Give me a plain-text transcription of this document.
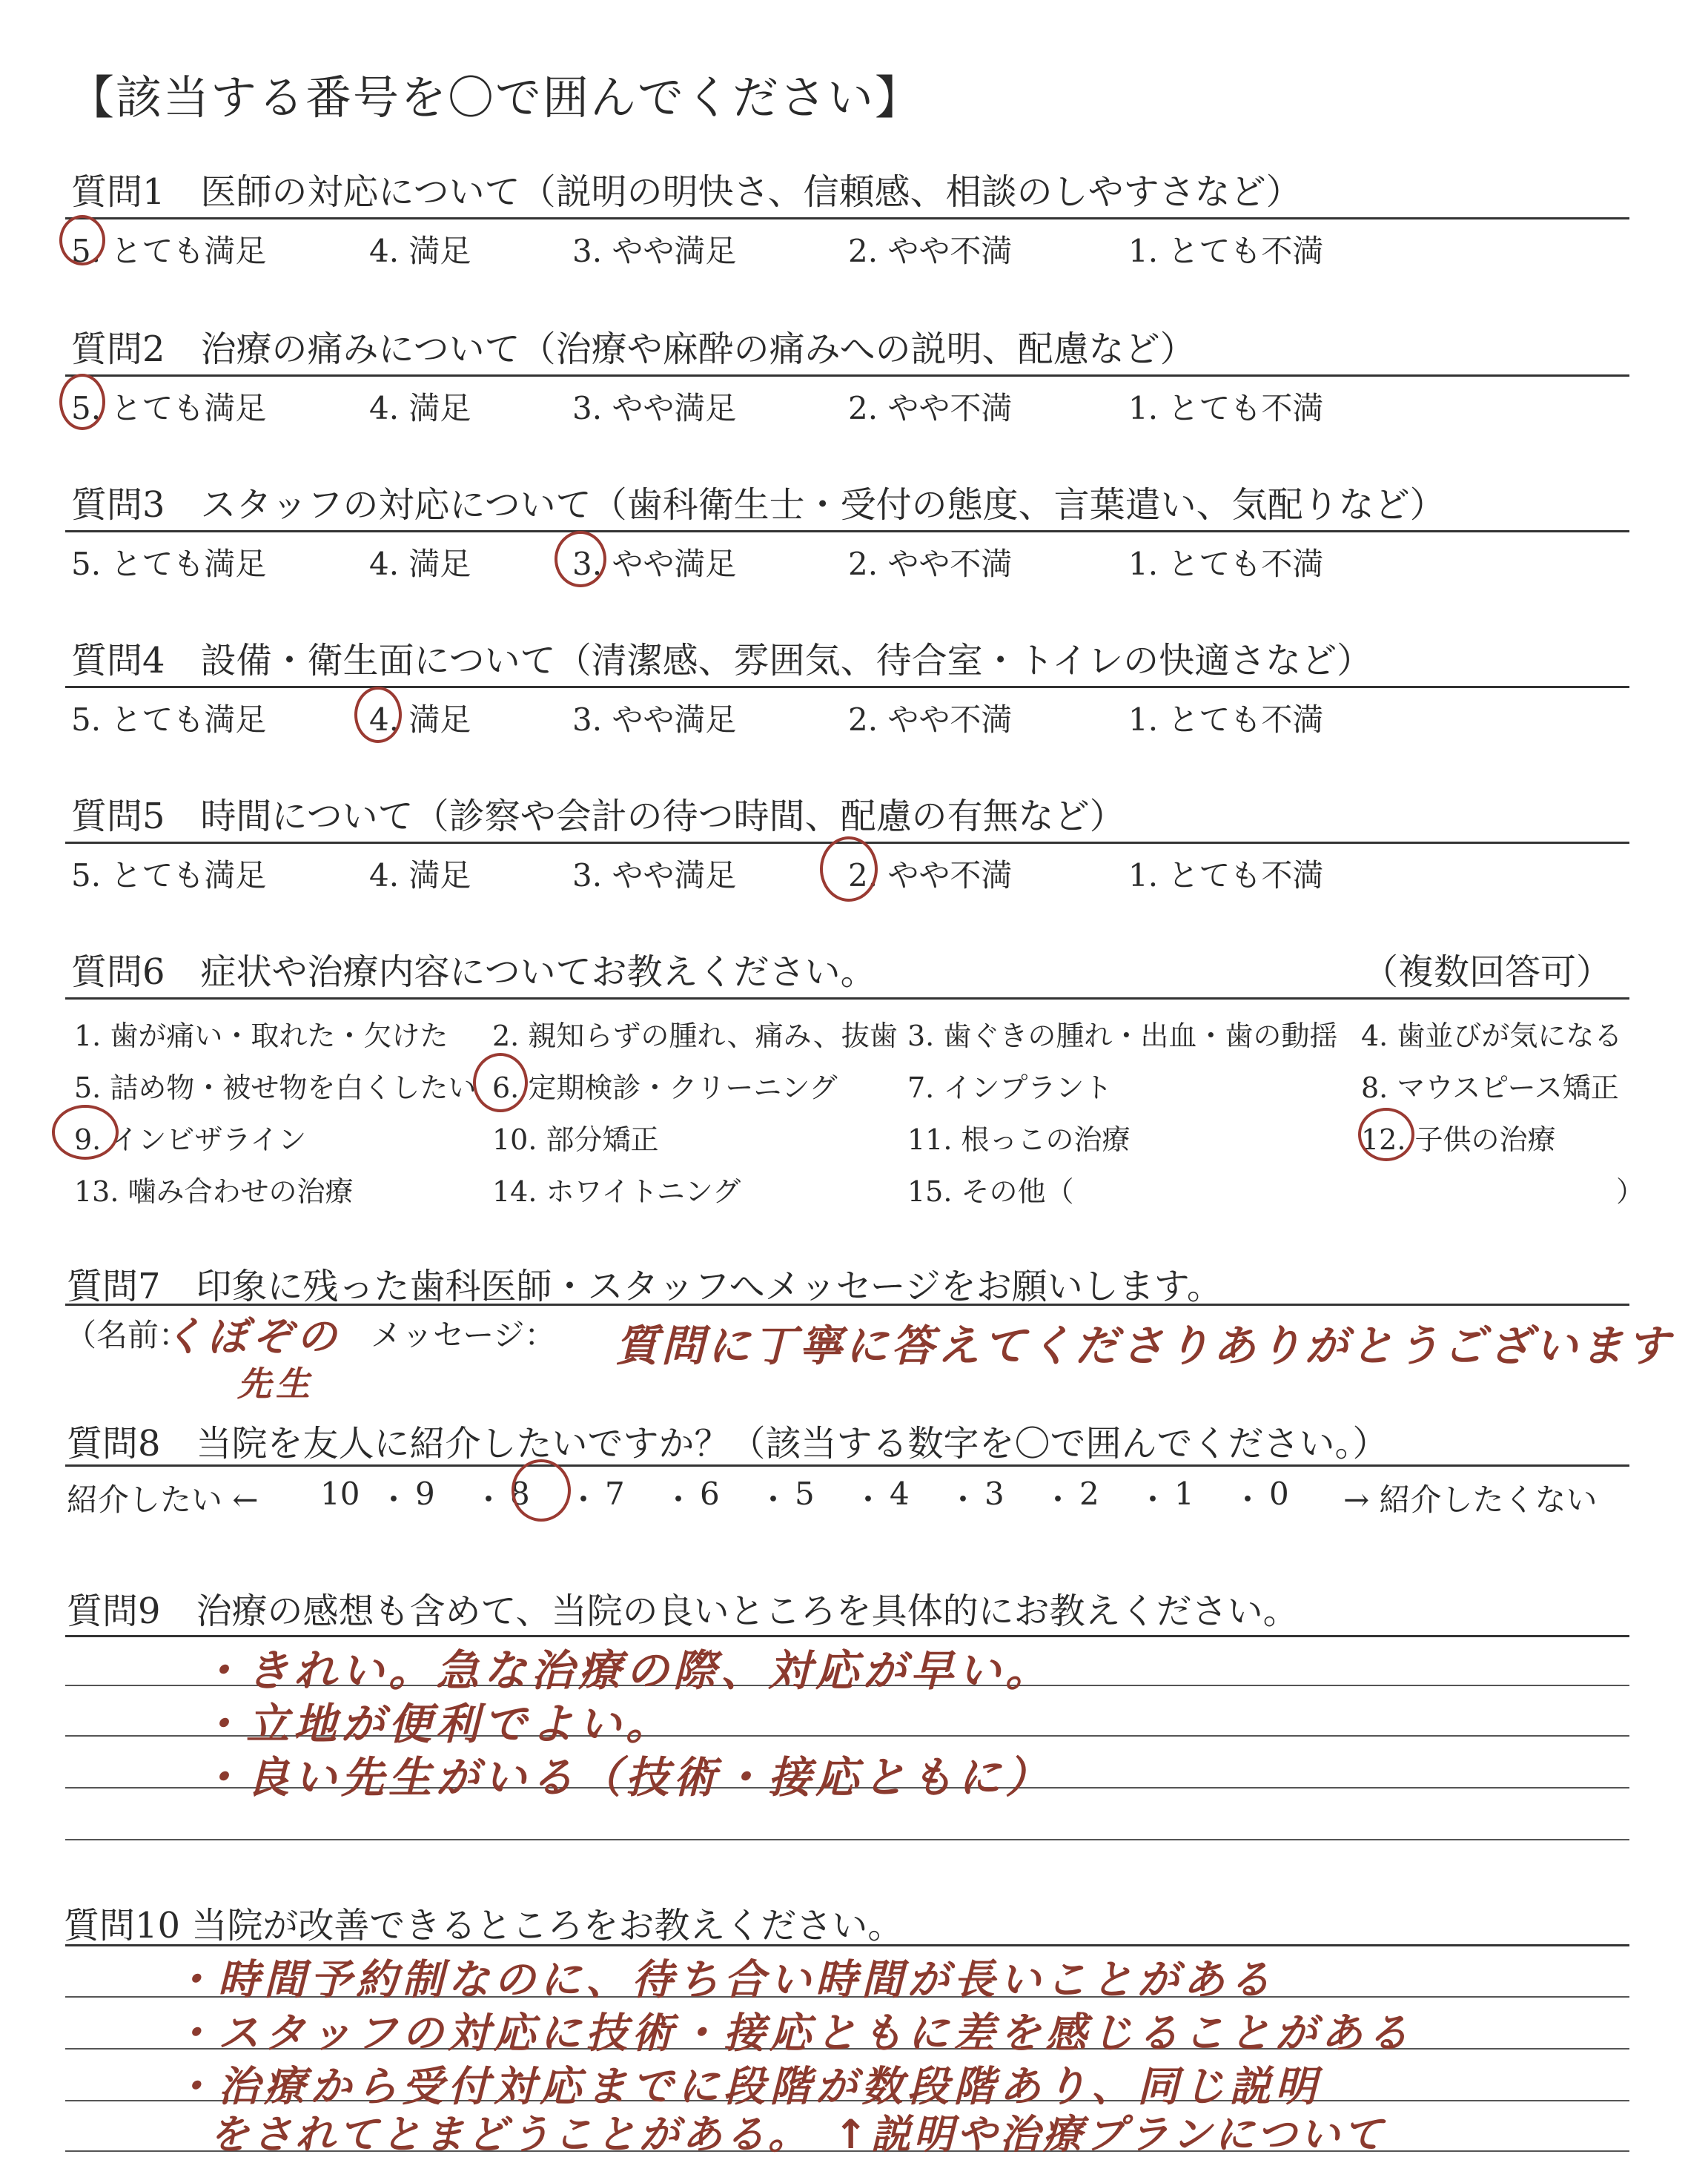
【該当する番号を〇で囲んでください】
質問1　医師の対応について（説明の明快さ、信頼感、相談のしやすさなど）
5. とても満足	4. 満足	3. やや満足	2. やや不満	1. とても不満
質問2　治療の痛みについて（治療や麻酔の痛みへの説明、配慮など）
5. とても満足	4. 満足	3. やや満足	2. やや不満	1. とても不満
質問3　スタッフの対応について（歯科衛生士・受付の態度、言葉遣い、気配りなど）
5. とても満足	4. 満足	3. やや満足	2. やや不満	1. とても不満
質問4　設備・衛生面について（清潔感、雰囲気、待合室・トイレの快適さなど）
5. とても満足	4. 満足	3. やや満足	2. やや不満	1. とても不満
質問5　時間について（診察や会計の待つ時間、配慮の有無など）
5. とても満足	4. 満足	3. やや満足	2. やや不満	1. とても不満
質問6　症状や治療内容についてお教えください。	（複数回答可）
1. 歯が痛い・取れた・欠けた 2. 親知らずの腫れ、痛み、抜歯 3. 歯ぐきの腫れ・出血・歯の動揺 4. 歯並びが気になる
5. 詰め物・被せ物を白くしたい 6. 定期検診・クリーニング 7. インプラント	8. マウスピース矯正
9. インビザライン	10. 部分矯正	11. 根っこの治療	12. 子供の治療
13. 噛み合わせの治療	14. ホワイトニング	15. その他（	）
質問7　印象に残った歯科医師・スタッフへメッセージをお願いします。
（名前：
くぼぞの
先生
メッセージ： 質問に丁寧に答えてくださりありがとうございます
質問8　当院を友人に紹介したいですか？（該当する数字を〇で囲んでください。）
紹介したい ← 10 ・ 9 ・ 8 ・ 7 ・ 6 ・ 5 ・ 4 ・ 3 ・ 2 ・ 1 ・ 0 → 紹介したくない
質問9　治療の感想も含めて、当院の良いところを具体的にお教えください。
・きれい。急な治療の際、対応が早い。
・立地が便利でよい。
・良い先生がいる（技術・接応ともに）
質問10 当院が改善できるところをお教えください。
・時間予約制なのに、待ち合い時間が長いことがある
・スタッフの対応に技術・接応ともに差を感じることがある
・治療から受付対応までに段階が数段階あり、同じ説明
をされてとまどうことがある。　↑説明や治療プランについて
